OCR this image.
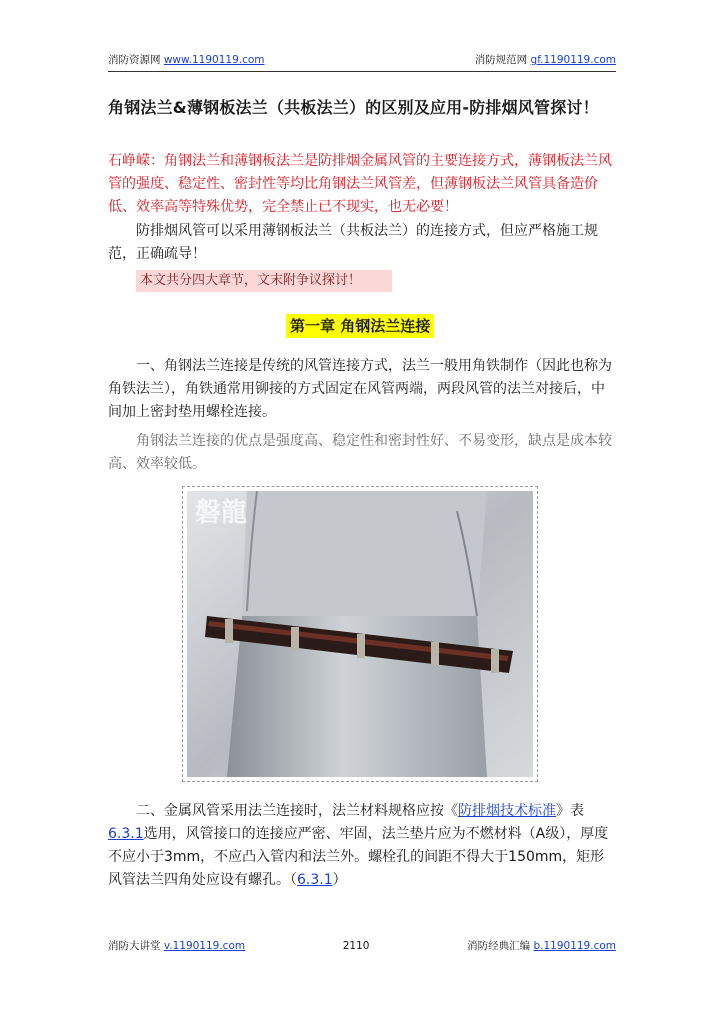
消防资源网 www.1190119.com	消防规范网 gf.1190119.com
角钢法兰&薄钢板法兰（共板法兰）的区别及应用-防排烟风管探讨！
石峥嵘：角钢法兰和薄钢板法兰是防排烟金属风管的主要连接方式，薄钢板法兰风管的强度、稳定性、密封性等均比角钢法兰风管差，但薄钢板法兰风管具备造价低、效率高等特殊优势，完全禁止已不现实，也无必要！
防排烟风管可以采用薄钢板法兰（共板法兰）的连接方式，但应严格施工规范，正确疏导！
本文共分四大章节，文末附争议探讨！
第一章 角钢法兰连接
一、角钢法兰连接是传统的风管连接方式，法兰一般用角铁制作（因此也称为角铁法兰），角铁通常用铆接的方式固定在风管两端，两段风管的法兰对接后，中间加上密封垫用螺栓连接。
角钢法兰连接的优点是强度高、稳定性和密封性好、不易变形，缺点是成本较高、效率较低。
磐龍
二、金属风管采用法兰连接时，法兰材料规格应按《防排烟技术标准》表6.3.1选用，风管接口的连接应严密、牢固，法兰垫片应为不燃材料（A级），厚度不应小于3mm，不应凸入管内和法兰外。螺栓孔的间距不得大于150mm，矩形风管法兰四角处应设有螺孔。（6.3.1）
消防大讲堂 v.1190119.com	2110	消防经典汇编 b.1190119.com
